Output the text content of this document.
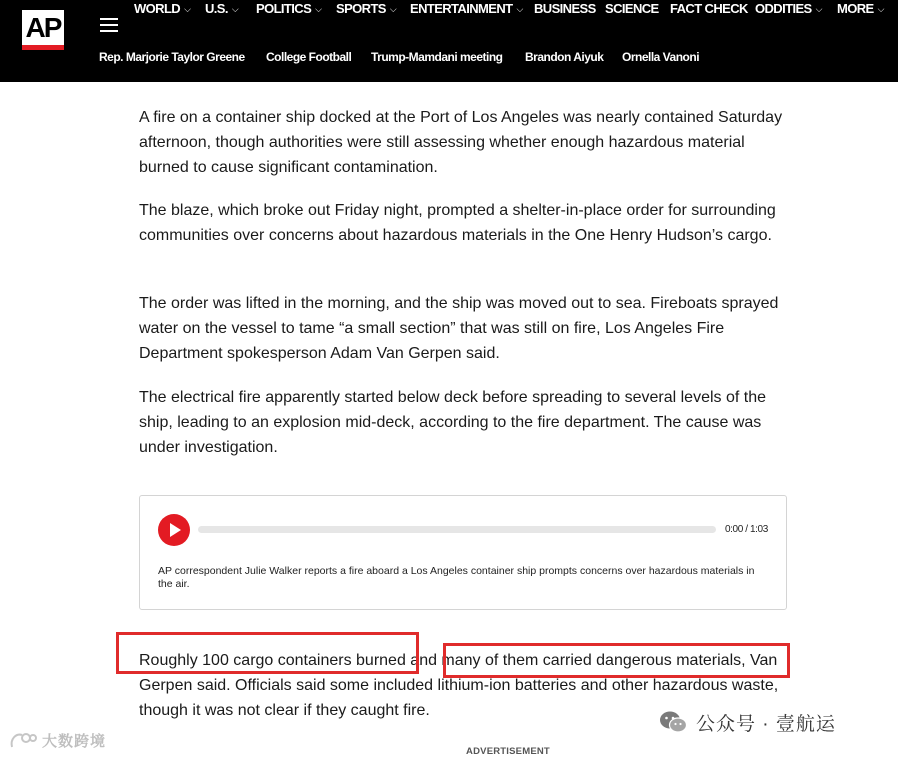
AP
WORLD ⌵ U.S. ⌵ POLITICS ⌵ SPORTS ⌵ ENTERTAINMENT ⌵ BUSINESS SCIENCE FACT CHECK ODDITIES ⌵ MORE ⌵
Rep. Marjorie Taylor Greene College Football Trump-Mamdani meeting Brandon Aiyuk Ornella Vanoni

A fire on a container ship docked at the Port of Los Angeles was nearly contained Saturday afternoon, though authorities were still assessing whether enough hazardous material burned to cause significant contamination.

The blaze, which broke out Friday night, prompted a shelter-in-place order for surrounding communities over concerns about hazardous materials in the One Henry Hudson’s cargo.

The order was lifted in the morning, and the ship was moved out to sea. Fireboats sprayed water on the vessel to tame “a small section” that was still on fire, Los Angeles Fire Department spokesperson Adam Van Gerpen said.

The electrical fire apparently started below deck before spreading to several levels of the ship, leading to an explosion mid-deck, according to the fire department. The cause was under investigation.

0:00 / 1:03
AP correspondent Julie Walker reports a fire aboard a Los Angeles container ship prompts concerns over hazardous materials in the air.

Roughly 100 cargo containers burned and many of them carried dangerous materials, Van Gerpen said. Officials said some included lithium-ion batteries and other hazardous waste, though it was not clear if they caught fire.

ADVERTISEMENT
大数跨境
公众号 · 壹航运
